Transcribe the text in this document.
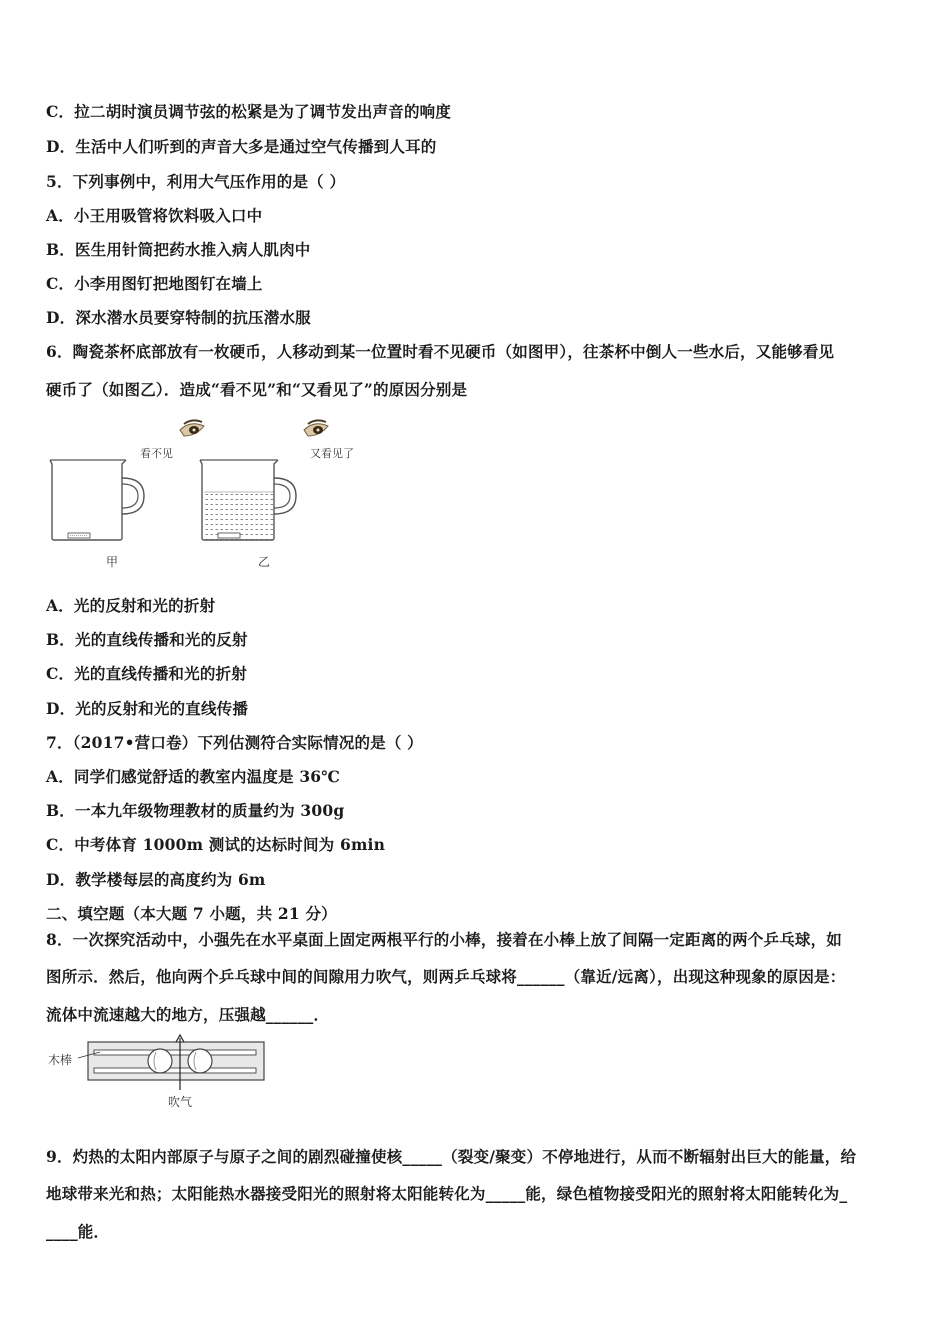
C．拉二胡时演员调节弦的松紧是为了调节发出声音的响度
D．生活中人们听到的声音大多是通过空气传播到人耳的
5．下列事例中，利用大气压作用的是（ ）
A．小王用吸管将饮料吸入口中
B．医生用针筒把药水推入病人肌肉中
C．小李用图钉把地图钉在墙上
D．深水潜水员要穿特制的抗压潜水服
6．陶瓷茶杯底部放有一枚硬币，人移动到某一位置时看不见硬币（如图甲），往茶杯中倒人一些水后，又能够看见
硬币了（如图乙）．造成“看不见”和“又看见了”的原因分别是
看不见
甲
又看见了
乙
A．光的反射和光的折射
B．光的直线传播和光的反射
C．光的直线传播和光的折射
D．光的反射和光的直线传播
7．（2017•营口卷）下列估测符合实际情况的是（ ）
A．同学们感觉舒适的教室内温度是 36℃
B．一本九年级物理教材的质量约为 300g
C．中考体育 1000m 测试的达标时间为 6min
D．教学楼每层的高度约为 6m
二、填空题（本大题 7 小题，共 21 分）
8．一次探究活动中，小强先在水平桌面上固定两根平行的小棒，接着在小棒上放了间隔一定距离的两个乒乓球，如
图所示．然后，他向两个乒乓球中间的间隙用力吹气，则两乒乓球将______（靠近/远离），出现这种现象的原因是：
流体中流速越大的地方，压强越______．
木棒
吹气
9．灼热的太阳内部原子与原子之间的剧烈碰撞使核_____（裂变/聚变）不停地进行，从而不断辐射出巨大的能量，给
地球带来光和热；太阳能热水器接受阳光的照射将太阳能转化为_____能，绿色植物接受阳光的照射将太阳能转化为_
____能．
